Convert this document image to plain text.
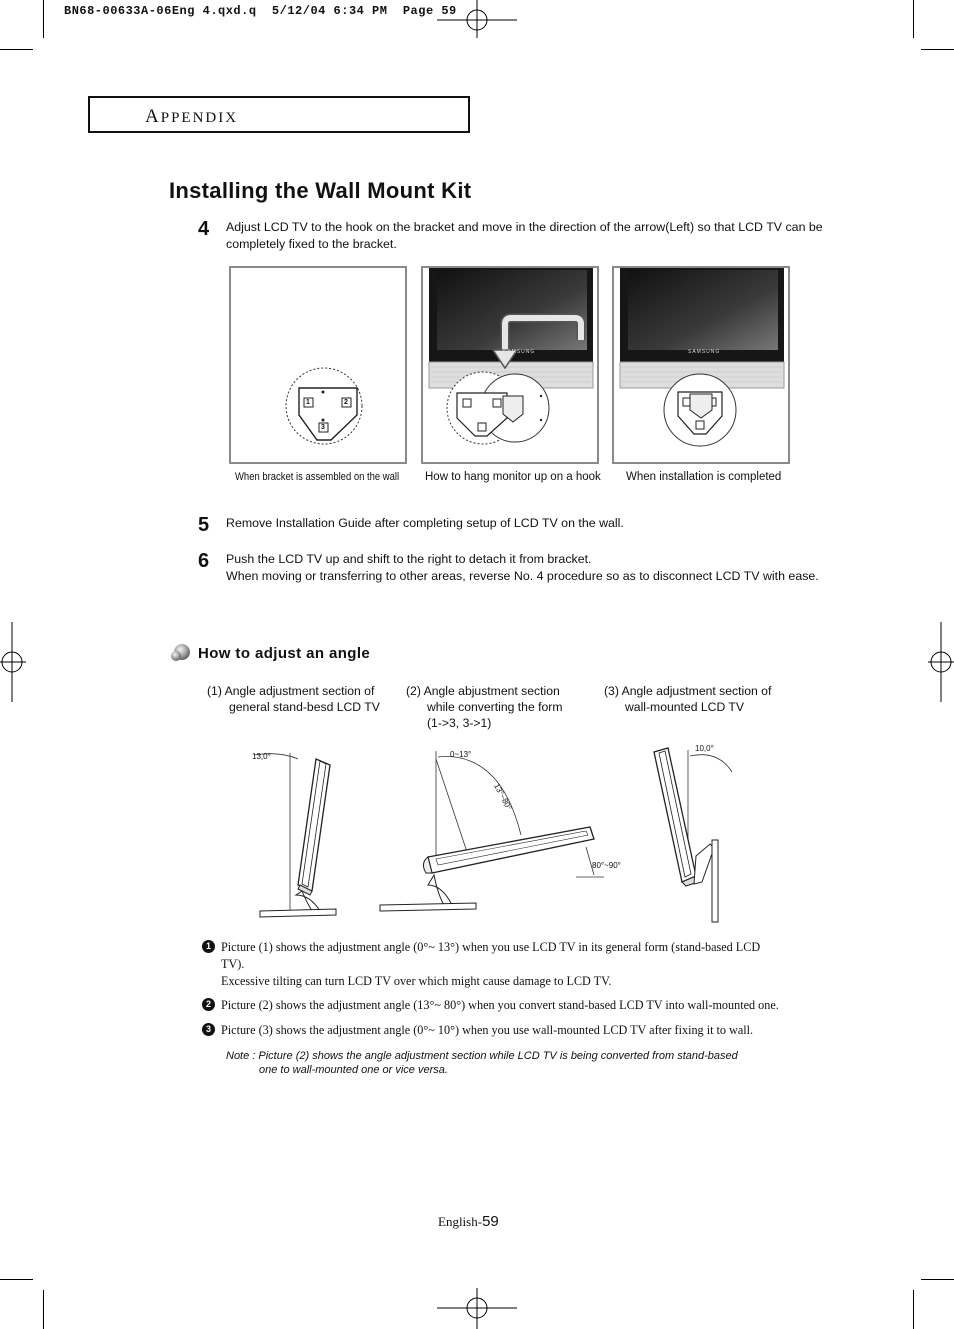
BN68-00633A-06Eng 4.qxd.q  5/12/04 6:34 PM  Page 59
APPENDIX
Installing the Wall Mount Kit
4 Adjust LCD TV to the hook on the bracket and move in the direction of the arrow(Left) so that LCD TV can be
completely fixed to the bracket.
1	2
3
SAMSUNG	SAMSUNG
When bracket is assembled on the wall How to hang monitor up on a hook When installation is completed
5 Remove Installation Guide after completing setup of LCD TV on the wall.
6 Push the LCD TV up and shift to the right to detach it from bracket.
When moving or transferring to other areas, reverse No. 4 procedure so as to disconnect LCD TV with ease.
How to adjust an angle
(1) Angle adjustment section of
general stand-besd LCD TV
(2) Angle abjustment section
while converting the form
(1->3, 3->1)
(3) Angle adjustment section of
wall-mounted LCD TV
13,0°	0~13°
13°~80°
80°~90°
10,0°
1 Picture (1) shows the adjustment angle (0°~ 13°) when you use LCD TV in its general form (stand-based LCD
TV).
Excessive tilting can turn LCD TV over which might cause damage to LCD TV.
2 Picture (2) shows the adjustment angle (13°~ 80°) when you convert stand-based LCD TV into wall-mounted one.
3 Picture (3) shows the adjustment angle (0°~ 10°) when you use wall-mounted LCD TV after fixing it to wall.
Note : Picture (2) shows the angle adjustment section while LCD TV is being converted from stand-based
one to wall-mounted one or vice versa.
English-59
